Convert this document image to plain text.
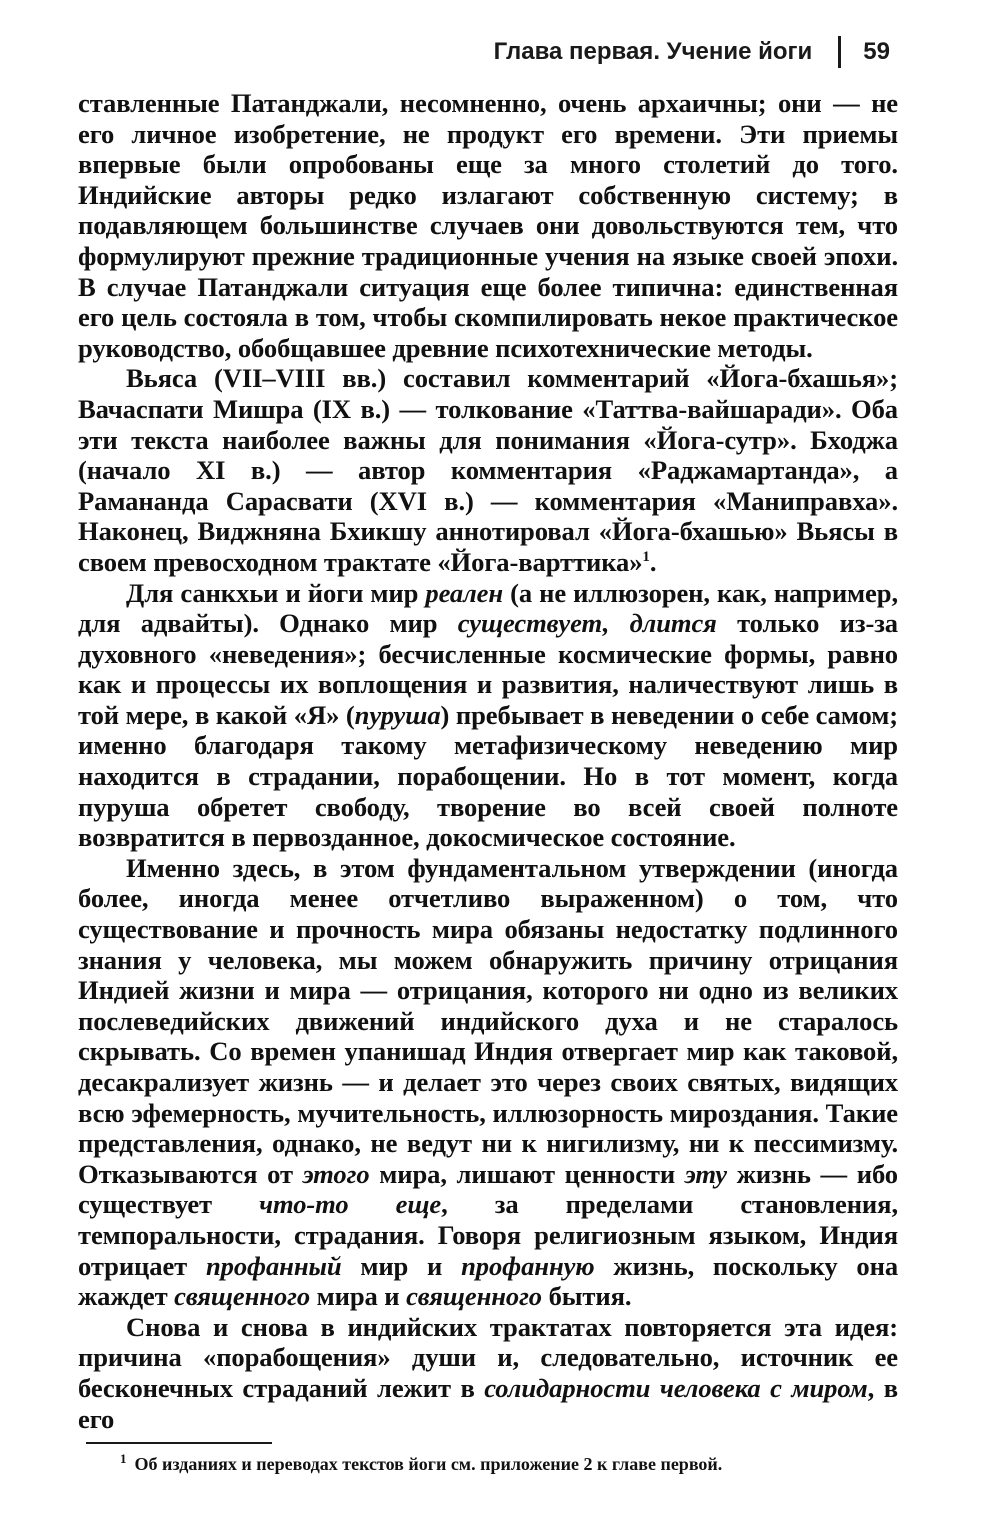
Глава первая. Учение йоги 59

ставленные Патанджали, несомненно, очень архаичны; они — не его личное изобретение, не продукт его времени. Эти приемы впервые были опробованы еще за много столетий до того. Индийские авторы редко излагают собственную систему; в подавляющем большинстве случаев они довольствуются тем, что формулируют прежние традиционные учения на языке своей эпохи. В случае Патанджали ситуация еще более типична: единственная его цель состояла в том, чтобы скомпилировать некое практическое руководство, обобщавшее древние психотехнические методы.

Вьяса (VII–VIII вв.) составил комментарий «Йога-бхашья»; Вачаспати Мишра (IX в.) — толкование «Таттва-вайшаради». Оба эти текста наиболее важны для понимания «Йога-сутр». Бходжа (начало XI в.) — автор комментария «Раджамартанда», а Рамананда Сарасвати (XVI в.) — комментария «Маниправха». Наконец, Виджняна Бхикшу аннотировал «Йога-бхашью» Вьясы в своем превосходном трактате «Йога-варттика»$^1$.

Для санкхьи и йоги мир реален (а не иллюзорен, как, например, для адвайты). Однако мир существует, длится только из-за духовного «неведения»; бесчисленные космические формы, равно как и процессы их воплощения и развития, наличествуют лишь в той мере, в какой «Я» (пуруша) пребывает в неведении о себе самом; именно благодаря такому метафизическому неведению мир находится в страдании, порабощении. Но в тот момент, когда пуруша обретет свободу, творение во всей своей полноте возвратится в первозданное, докосмическое состояние.

Именно здесь, в этом фундаментальном утверждении (иногда более, иногда менее отчетливо выраженном) о том, что существование и прочность мира обязаны недостатку подлинного знания у человека, мы можем обнаружить причину отрицания Индией жизни и мира — отрицания, которого ни одно из великих послеведийских движений индийского духа и не старалось скрывать. Со времен упанишад Индия отвергает мир как таковой, десакрализует жизнь — и делает это через своих святых, видящих всю эфемерность, мучительность, иллюзорность мироздания. Такие представления, однако, не ведут ни к нигилизму, ни к пессимизму. Отказываются от этого мира, лишают ценности эту жизнь — ибо существует что-то еще, за пределами становления, темпоральности, страдания. Говоря религиозным языком, Индия отрицает профанный мир и профанную жизнь, поскольку она жаждет священного мира и священного бытия.

Снова и снова в индийских трактатах повторяется эта идея: причина «порабощения» души и, следовательно, источник ее бесконечных страданий лежит в солидарности человека с миром, в его

$^1$ Об изданиях и переводах текстов йоги см. приложение 2 к главе первой.
